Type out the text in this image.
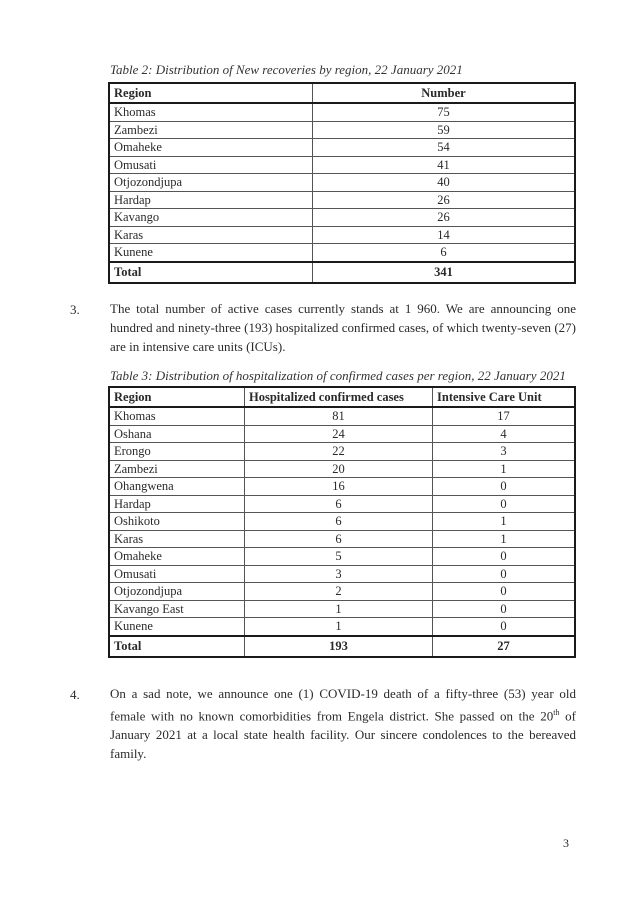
Table 2: Distribution of New recoveries by region, 22 January 2021
Region	Number
Khomas	75
Zambezi	59
Omaheke	54
Omusati	41
Otjozondjupa	40
Hardap	26
Kavango	26
Karas	14
Kunene	6
Total	341
3. The total number of active cases currently stands at 1 960. We are announcing one hundred and ninety-three (193) hospitalized confirmed cases, of which twenty-seven (27) are in intensive care units (ICUs).
Table 3: Distribution of hospitalization of confirmed cases per region, 22 January 2021
Region	Hospitalized confirmed cases	Intensive Care Unit
Khomas	81	17
Oshana	24	4
Erongo	22	3
Zambezi	20	1
Ohangwena	16	0
Hardap	6	0
Oshikoto	6	1
Karas	6	1
Omaheke	5	0
Omusati	3	0
Otjozondjupa	2	0
Kavango East	1	0
Kunene	1	0
Total	193	27
4. On a sad note, we announce one (1) COVID-19 death of a fifty-three (53) year old female with no known comorbidities from Engela district. She passed on the 20th of January 2021 at a local state health facility. Our sincere condolences to the bereaved family.
3
